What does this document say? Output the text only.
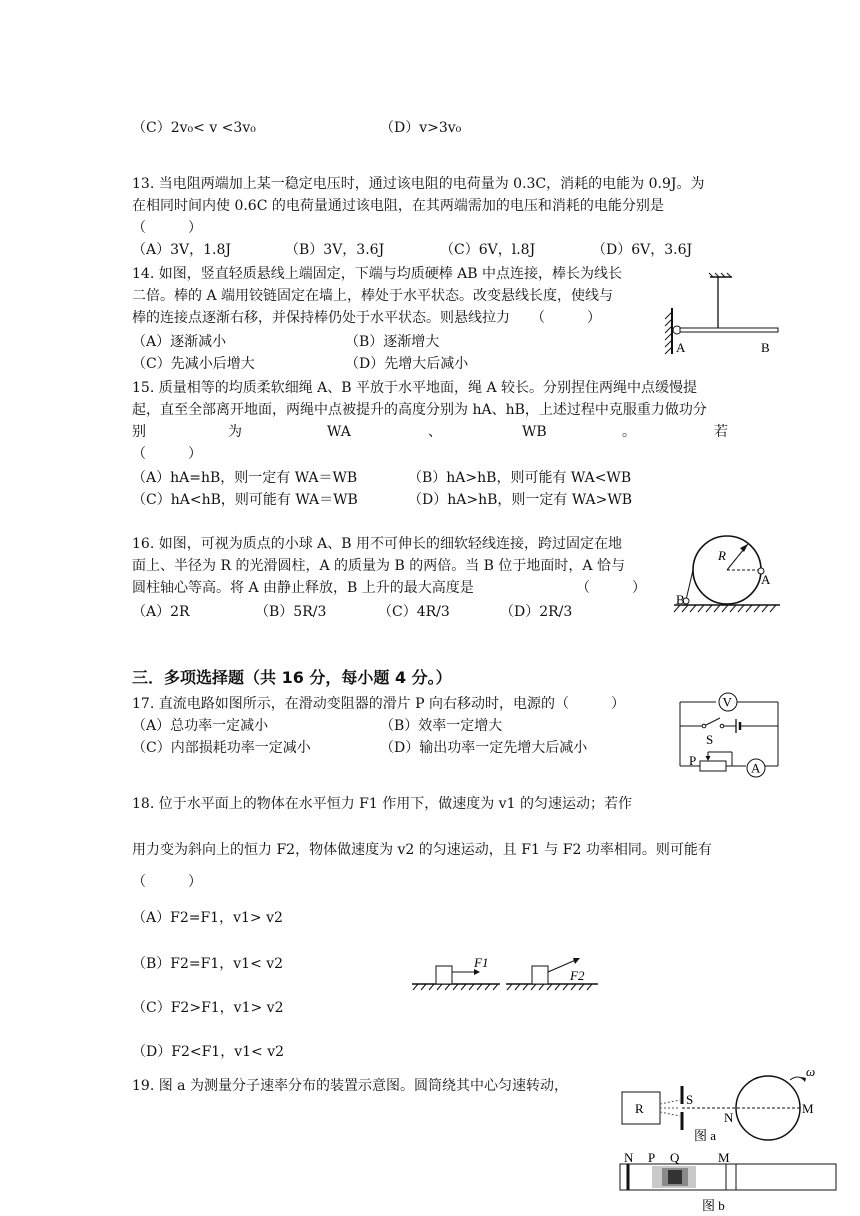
（C）2v₀< v <3v₀	（D）v>3v₀
13. 当电阻两端加上某一稳定电压时，通过该电阻的电荷量为 0.3C，消耗的电能为 0.9J。为
在相同时间内使 0.6C 的电荷量通过该电阻，在其两端需加的电压和消耗的电能分别是
（　　　）
（A）3V，1.8J	（B）3V，3.6J	（C）6V，l.8J	（D）6V，3.6J
14. 如图，竖直轻质悬线上端固定，下端与均质硬棒 AB 中点连接，棒长为线长
二倍。棒的 A 端用铰链固定在墙上，棒处于水平状态。改变悬线长度，使线与
棒的连接点逐渐右移，并保持棒仍处于水平状态。则悬线拉力　　（　　　）
（A）逐渐减小	（B）逐渐增大
（C）先减小后增大	（D）先增大后减小
A	B
15. 质量相等的均质柔软细绳 A、B 平放于水平地面，绳 A 较长。分别捏住两绳中点缓慢提
起，直至全部离开地面，两绳中点被提升的高度分别为 hA、hB，上述过程中克服重力做功分
别	为	WA	、	WB	。	若
（　　　）
（A）hA=hB，则一定有 WA＝WB	（B）hA>hB，则可能有 WA<WB
（C）hA<hB，则可能有 WA＝WB	（D）hA>hB，则一定有 WA>WB
16. 如图，可视为质点的小球 A、B 用不可伸长的细软轻线连接，跨过固定在地
面上、半径为 R 的光滑圆柱，A 的质量为 B 的两倍。当 B 位于地面时，A 恰与
圆柱轴心等高。将 A 由静止释放，B 上升的最大高度是	（　　　）
（A）2R	（B）5R/3	（C）4R/3	（D）2R/3
R
A
B
三．多项选择题（共 16 分，每小题 4 分。）
17. 直流电路如图所示，在滑动变阻器的滑片 P 向右移动时，电源的（　　　）
（A）总功率一定减小	（B）效率一定增大
（C）内部损耗功率一定减小	（D）输出功率一定先增大后减小
V
S
P	A
18. 位于水平面上的物体在水平恒力 F1 作用下，做速度为 v1 的匀速运动；若作
用力变为斜向上的恒力 F2，物体做速度为 v2 的匀速运动，且 F1 与 F2 功率相同。则可能有
（　　　）
（A）F2=F1，v1> v2
（B）F2=F1，v1< v2
（C）F2>F1，v1> v2
（D）F2<F1，v1< v2
F1
F2
19. 图 a 为测量分子速率分布的装置示意图。圆筒绕其中心匀速转动，
R
S
N
M
ω
图 a
N P Q	M
图 b
